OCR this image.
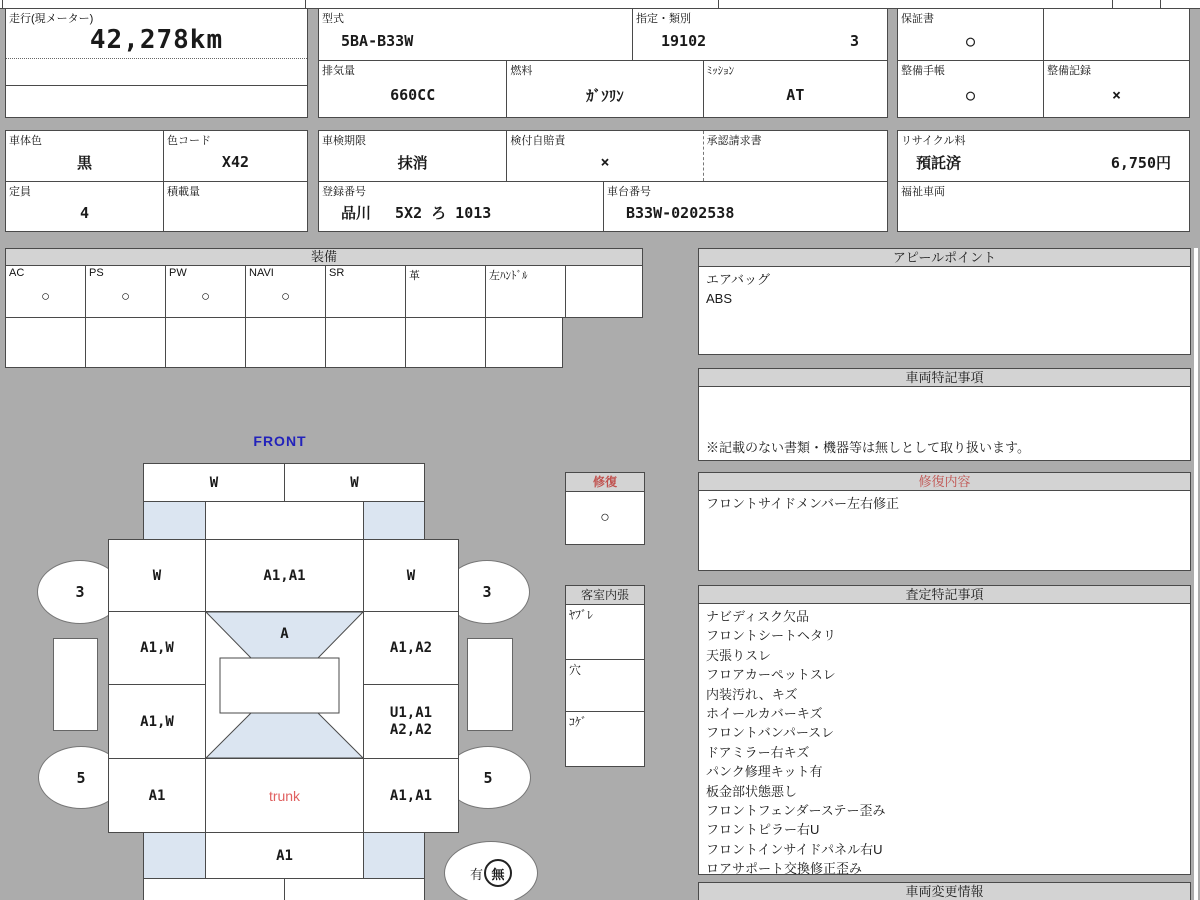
走行(現メーター)
42,278km
型式
5BA-B33W
指定・類別
19102	3
排気量
660CC
燃料
ｶﾞｿﾘﾝ
ﾐｯｼｮﾝ
AT
保証書
○
整備手帳
○
整備記録
×
車体色
黒
色コード
X42
定員
4
積載量
車検期限
抹消
検付自賠責
×
承認請求書
登録番号
品川　 5X2 ろ 1013
車台番号
B33W-0202538
リサイクル料
預託済	6,750円
福祉車両
装備
AC
○
PS
○
PW
○
NAVI
○
SR	革	左ﾊﾝﾄﾞﾙ
アピールポイント
エアバッグ
ABS
車両特記事項
※記載のない書類・機器等は無しとして取り扱います。
修復内容
フロントサイドメンバー左右修正
査定特記事項
ナビディスク欠品
フロントシートヘタリ
天張りスレ
フロアカーペットスレ
内装汚れ、キズ
ホイールカバーキズ
フロントバンパースレ
ドアミラー右キズ
パンク修理キット有
板金部状態悪し
フロントフェンダーステー歪み
フロントピラー右U
フロントインサイドパネル右U
ロアサポート交換修正歪み
車両変更情報
修復
○
客室内張
ﾔﾌﾞﾚ
穴
ｺｹﾞ
FRONT
3	3
5	5
W	W
W	A1,A1	W
A1,W	A1,A2
A1,W
U1,A1
A2,A2
A
A1	trunk	A1,A1
A1
有 無
STUDIO.PRO
